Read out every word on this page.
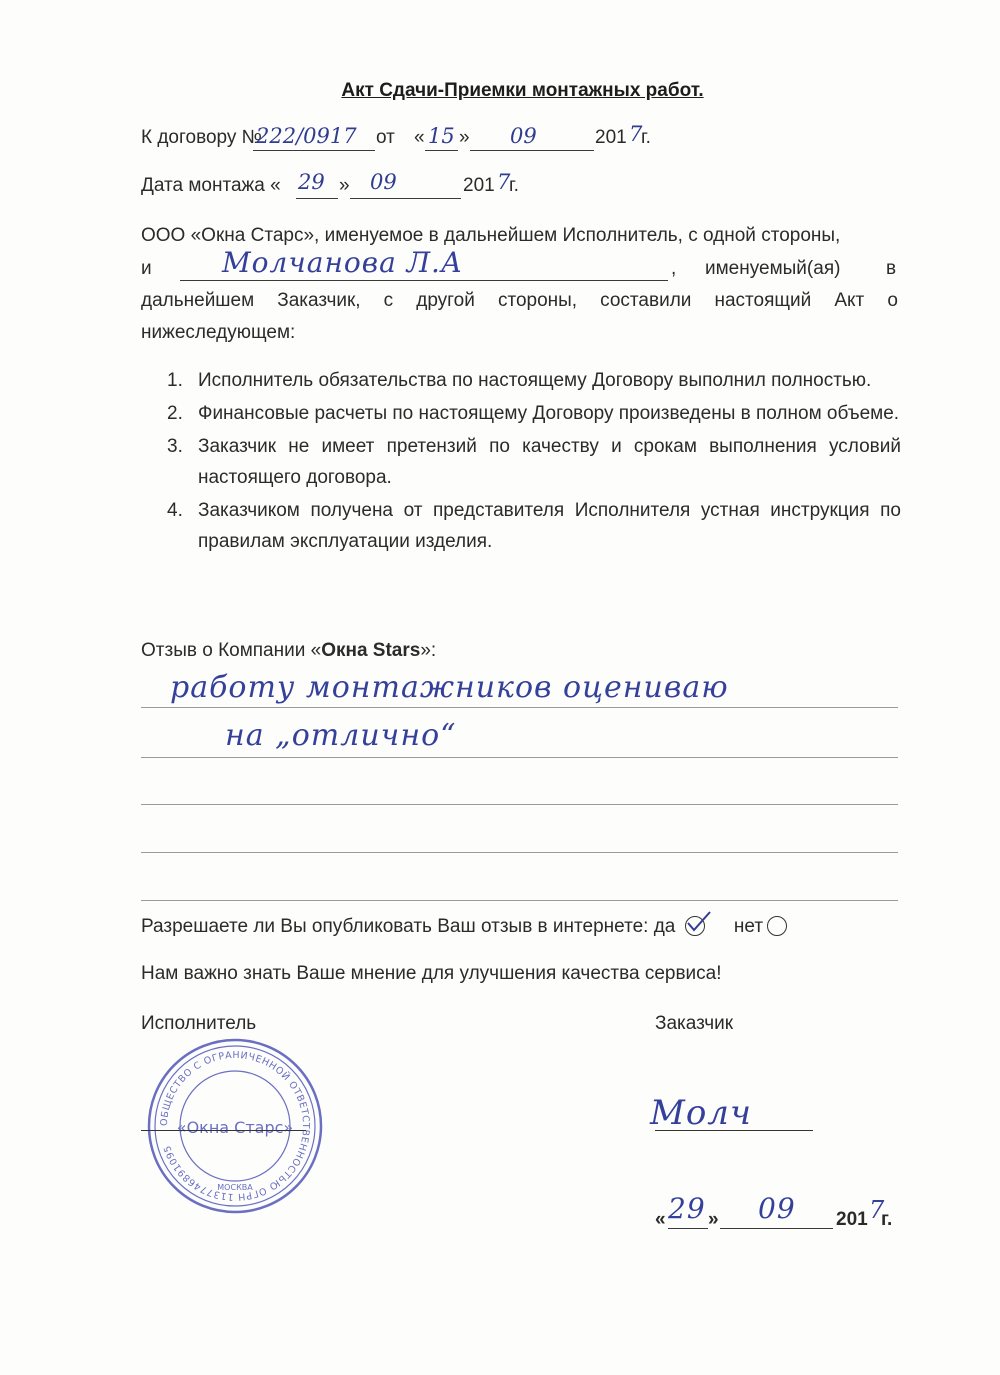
Акт Сдачи-Приемки монтажных работ.
К договору №
222/0917 от « 15 » 09	201 7
г.
Дата монтажа « 29 » 09	201 7
г.
ООО «Окна Старс», именуемое в дальнейшем Исполнитель, с одной стороны,
и	Молчанова Л.А	, именуемый(ая) в
дальнейшем Заказчик, с другой стороны, составили настоящий Акт о
нижеследующем:
1. Исполнитель обязательства по настоящему Договору выполнил полностью.
2. Финансовые расчеты по настоящему Договору произведены в полном объеме.
3. Заказчик не имеет претензий по качеству и срокам выполнения условий настоящего договора.
4. Заказчиком получена от представителя Исполнителя устная инструкция по правилам эксплуатации изделия.
Отзыв о Компании «Окна Stars»:
работу монтажников оцениваю
на „отлично“
Разрешаете ли Вы опубликовать Ваш отзыв в интернете: да	нет
Нам важно знать Ваше мнение для улучшения качества сервиса!
Исполнитель	Заказчик
ОБЩЕСТВО С ОГРАНИЧЕННОЙ ОТВЕТСТВЕННОСТЬЮ ОГРН 1137746891095
«Окна Старс»
МОСКВА
Молч
« 29 » 09 201 7
г.
